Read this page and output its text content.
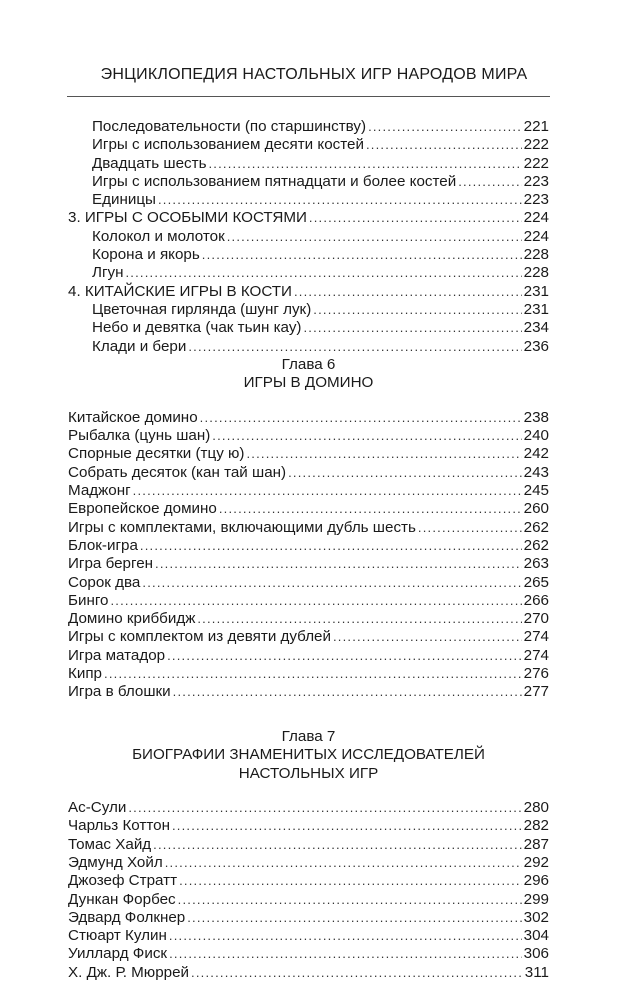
ЭНЦИКЛОПЕДИЯ НАСТОЛЬНЫХ ИГР НАРОДОВ МИРА
Последовательности (по старшинству) .....	221
Игры с использованием десяти костей .....	222
Двадцать шесть .....	222
Игры с использованием пятнадцати и более костей .....	223
Единицы .....	223
3. ИГРЫ С ОСОБЫМИ КОСТЯМИ .....	224
Колокол и молоток .....	224
Корона и якорь .....	228
Лгун .....	228
4. КИТАЙСКИЕ ИГРЫ В КОСТИ .....	231
Цветочная гирлянда (шунг лук) .....	231
Небо и девятка (чак тьин кау) .....	234
Клади и бери .....	236
Глава 6
ИГРЫ В ДОМИНО
Китайское домино .....	238
Рыбалка (цунь шан) .....	240
Спорные десятки (тцу ю) .....	242
Собрать десяток (кан тай шан) .....	243
Маджонг .....	245
Европейское домино .....	260
Игры с комплектами, включающими дубль шесть .....	262
Блок-игра .....	262
Игра берген .....	263
Сорок два .....	265
Бинго .....	266
Домино криббидж .....	270
Игры с комплектом из девяти дублей .....	274
Игра матадор .....	274
Кипр .....	276
Игра в блошки .....	277
Глава 7
БИОГРАФИИ ЗНАМЕНИТЫХ ИССЛЕДОВАТЕЛЕЙ
НАСТОЛЬНЫХ ИГР
Ас-Сули .....	280
Чарльз Коттон .....	282
Томас Хайд .....	287
Эдмунд Хойл .....	292
Джозеф Стратт .....	296
Дункан Форбес .....	299
Эдвард Фолкнер .....	302
Стюарт Кулин .....	304
Уиллард Фиск .....	306
Х. Дж. Р. Мюррей .....	311
